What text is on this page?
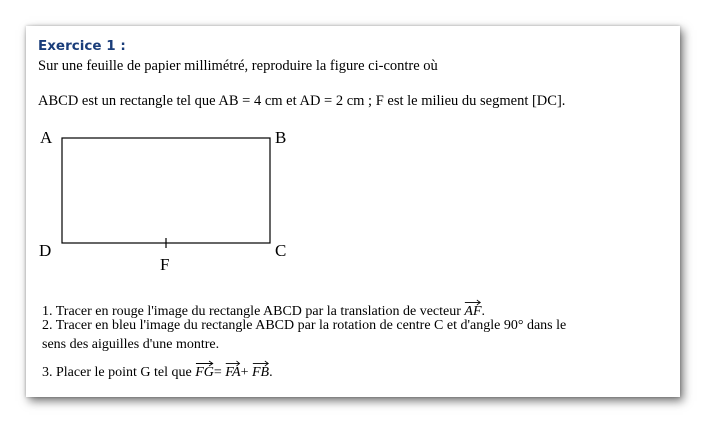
Exercice 1 :
Sur une feuille de papier millimétré, reproduire la figure ci-contre où
ABCD est un rectangle tel que AB = 4 cm et AD = 2 cm ; F est le milieu du segment [DC].
A	B
C
D
F
1. Tracer en rouge l'image du rectangle ABCD par la translation de vecteur AF.
2. Tracer en bleu l'image du rectangle ABCD par la rotation de centre C et d'angle 90° dans le
sens des aiguilles d'une montre.
3. Placer le point G tel que FG= FA+ FB.
